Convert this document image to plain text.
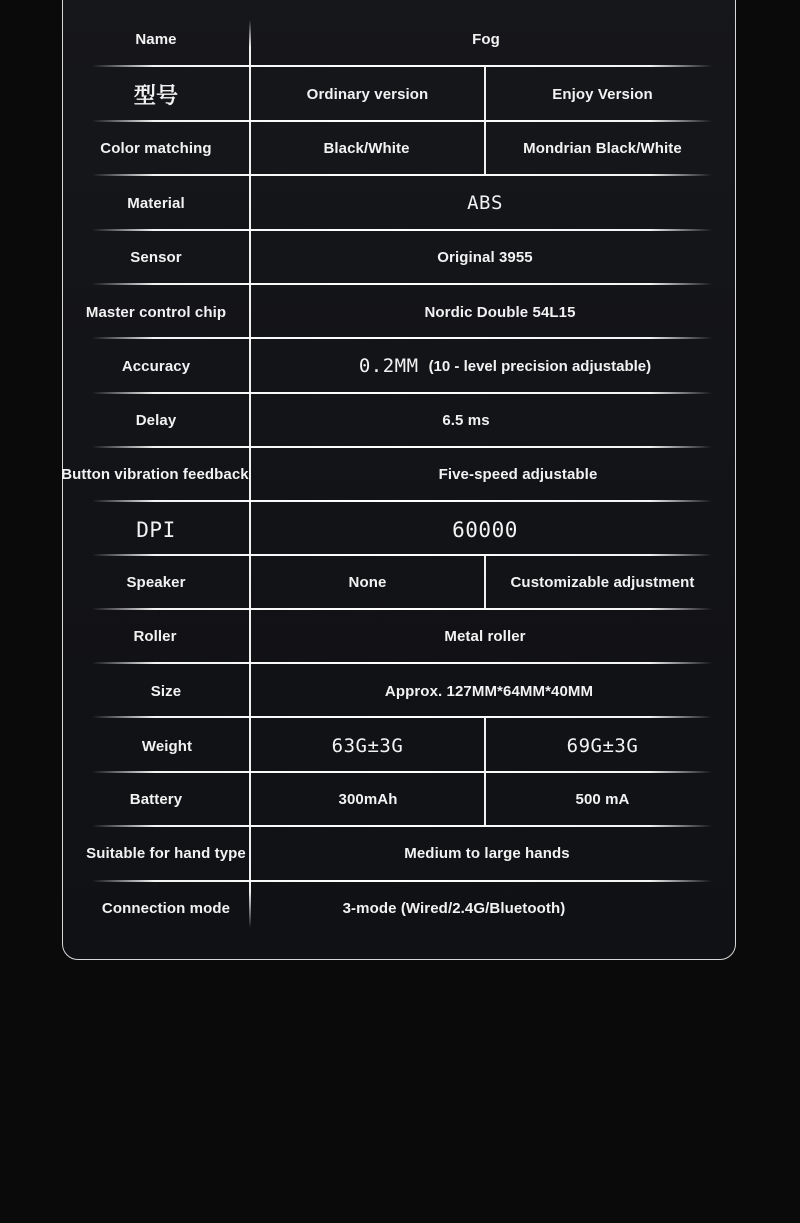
Name	Fog
型号	Ordinary version	Enjoy Version
Color matching	Black/White	Mondrian Black/White
Material	ABS
Sensor	Original 3955
Master control chip	Nordic Double 54L15
Accuracy	0.2MM (10 - level precision adjustable)
Delay	6.5 ms
Button vibration feedback	Five-speed adjustable
DPI	60000
Speaker	None	Customizable adjustment
Roller	Metal roller
Size	Approx. 127MM*64MM*40MM
Weight	63G±3G	69G±3G
Battery	300mAh	500 mA
Suitable for hand type	Medium to large hands
Connection mode	3-mode (Wired/2.4G/Bluetooth)
